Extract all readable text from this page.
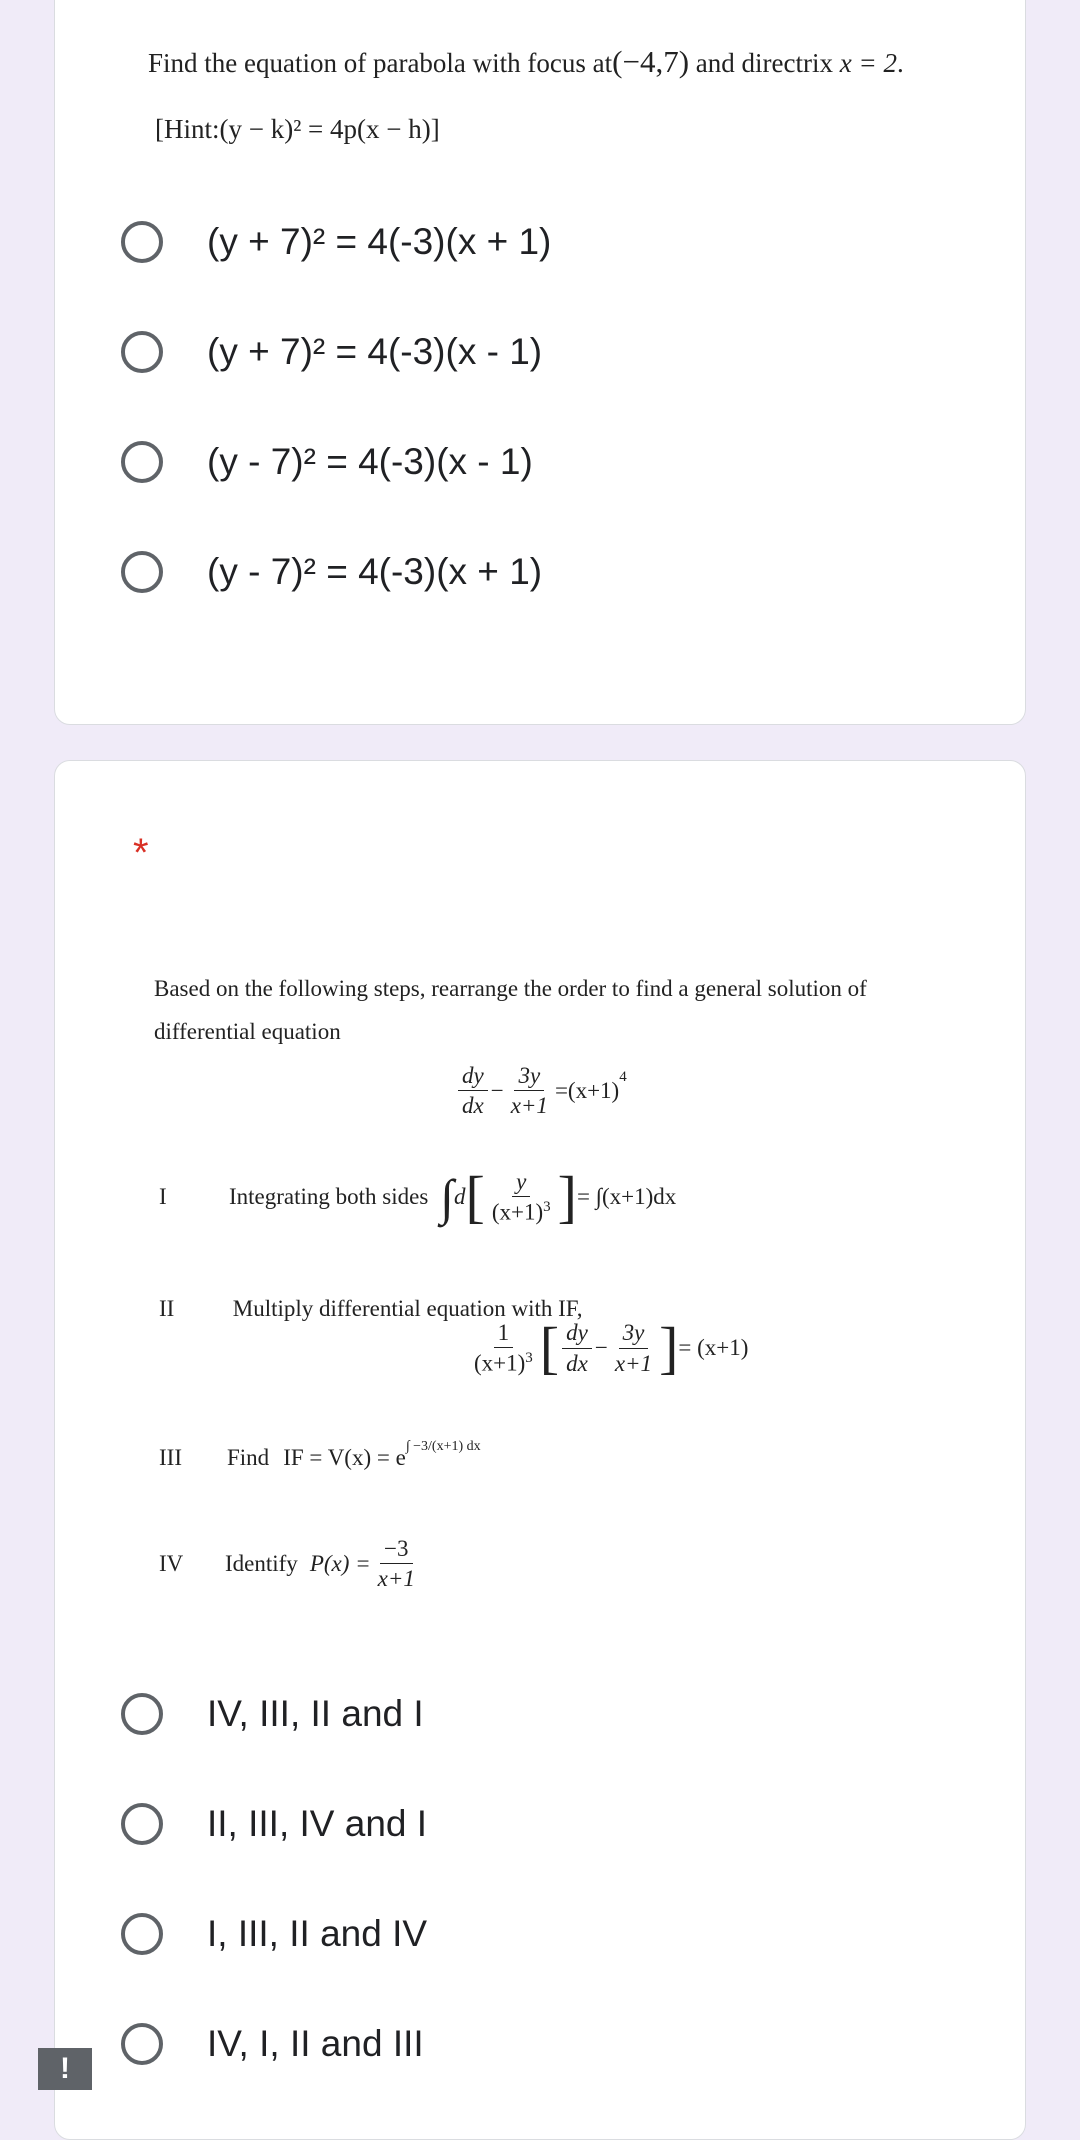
Find the equation of parabola with focus at(−4,7) and directrix x = 2.
[Hint:(y − k)² = 4p(x − h)]
(y + 7)² = 4(-3)(x + 1)
(y + 7)² = 4(-3)(x - 1)
(y - 7)² = 4(-3)(x - 1)
(y - 7)² = 4(-3)(x + 1)
*
Based on the following steps, rearrange the order to find a general solution of
differential equation
$\frac{dy}{dx} - \frac{3y}{x+1} =(x+1)$
$^4$
I	Integrating both sides ∫ d [ $\frac{y}{(x+1)^3}$ ] = ∫(x+1)dx
II	Multiply differential equation with IF,
$\frac{1}{(x+1)^3}$ [ $\frac{dy}{dx} - \frac{3y}{x+1}$ ] = (x+1)
III	Find IF = $V(x) = e^{\int -3/(x+1) dx}$
IV	Identify $P(x) = \frac{-3}{x+1}$
IV, III, II and I
II, III, IV and I
I, III, II and IV
IV, I, II and III
!
